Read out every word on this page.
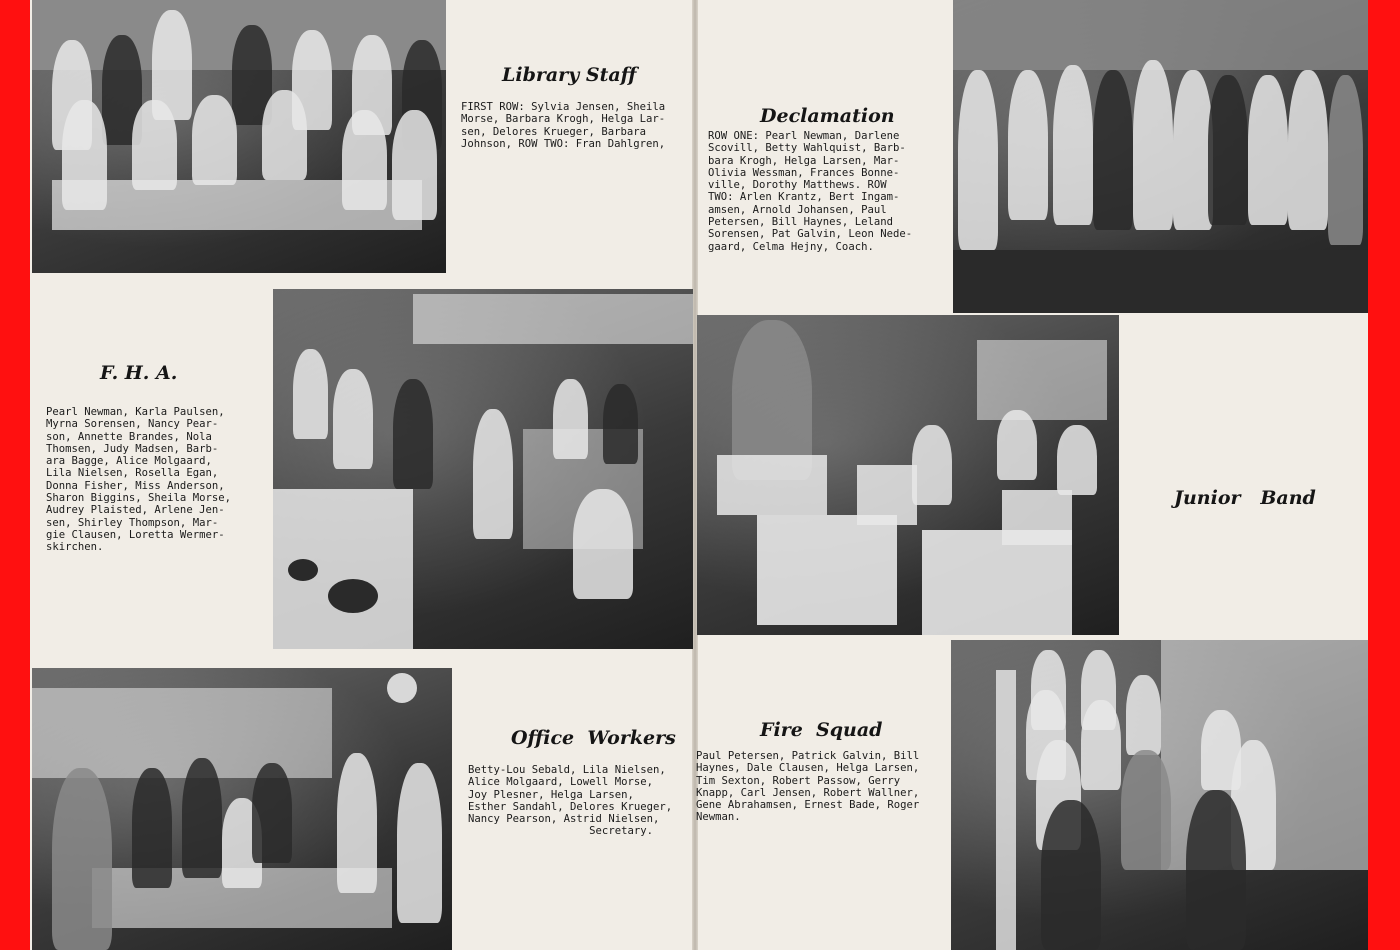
Library Staff
FIRST ROW: Sylvia Jensen, Sheila
Morse, Barbara Krogh, Helga Lar-
sen, Delores Krueger, Barbara
Johnson, ROW TWO: Fran Dahlgren,
F. H. A.
Pearl Newman, Karla Paulsen,
Myrna Sorensen, Nancy Pear-
son, Annette Brandes, Nola
Thomsen, Judy Madsen, Barb-
ara Bagge, Alice Molgaard,
Lila Nielsen, Rosella Egan,
Donna Fisher, Miss Anderson,
Sharon Biggins, Sheila Morse,
Audrey Plaisted, Arlene Jen-
sen, Shirley Thompson, Mar-
gie Clausen, Loretta Wermer-
skirchen.
Office  Workers
Betty-Lou Sebald, Lila Nielsen,
Alice Molgaard, Lowell Morse,
Joy Plesner, Helga Larsen,
Esther Sandahl, Delores Krueger,
Nancy Pearson, Astrid Nielsen,
Secretary.
Declamation
ROW ONE: Pearl Newman, Darlene
Scovill, Betty Wahlquist, Barb-
bara Krogh, Helga Larsen, Mar-
Olivia Wessman, Frances Bonne-
ville, Dorothy Matthews. ROW
TWO: Arlen Krantz, Bert Ingam-
amsen, Arnold Johansen, Paul
Petersen, Bill Haynes, Leland
Sorensen, Pat Galvin, Leon Nede-
gaard, Celma Hejny, Coach.
Junior   Band
Fire  Squad
Paul Petersen, Patrick Galvin, Bill
Haynes, Dale Clausen, Helga Larsen,
Tim Sexton, Robert Passow, Gerry
Knapp, Carl Jensen, Robert Wallner,
Gene Abrahamsen, Ernest Bade, Roger
Newman.
